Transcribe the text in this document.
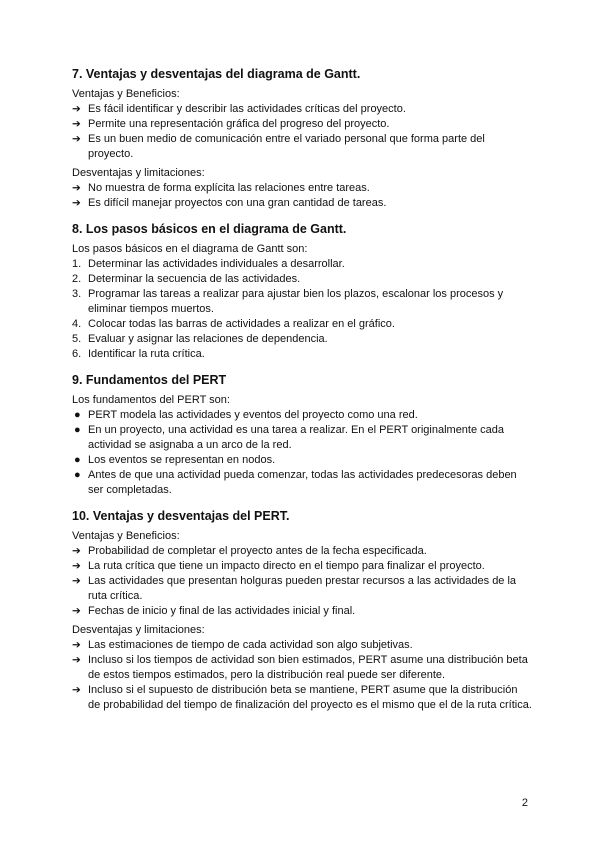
7. Ventajas y desventajas del diagrama de Gantt.

Ventajas y Beneficios:

➔ Es fácil identificar y describir las actividades críticas del proyecto.
➔ Permite una representación gráfica del progreso del proyecto.
➔ Es un buen medio de comunicación entre el variado personal que forma parte del proyecto.

Desventajas y limitaciones:

➔ No muestra de forma explícita las relaciones entre tareas.
➔ Es difícil manejar proyectos con una gran cantidad de tareas.
8. Los pasos básicos en el diagrama de Gantt.

Los pasos básicos en el diagrama de Gantt son:

1. Determinar las actividades individuales a desarrollar.
2. Determinar la secuencia de las actividades.
3. Programar las tareas a realizar para ajustar bien los plazos, escalonar los procesos y eliminar tiempos muertos.
4. Colocar todas las barras de actividades a realizar en el gráfico.
5. Evaluar y asignar las relaciones de dependencia.
6. Identificar la ruta crítica.
9. Fundamentos del PERT

Los fundamentos del PERT son:

● PERT modela las actividades y eventos del proyecto como una red.
● En un proyecto, una actividad es una tarea a realizar. En el PERT originalmente cada actividad se asignaba a un arco de la red.
● Los eventos se representan en nodos.
● Antes de que una actividad pueda comenzar, todas las actividades predecesoras deben ser completadas.
10. Ventajas y desventajas del PERT.

Ventajas y Beneficios:

➔ Probabilidad de completar el proyecto antes de la fecha especificada.
➔ La ruta crítica que tiene un impacto directo en el tiempo para finalizar el proyecto.
➔ Las actividades que presentan holguras pueden prestar recursos a las actividades de la ruta crítica.
➔ Fechas de inicio y final de las actividades inicial y final.

Desventajas y limitaciones:

➔ Las estimaciones de tiempo de cada actividad son algo subjetivas.
➔ Incluso si los tiempos de actividad son bien estimados, PERT asume una distribución beta de estos tiempos estimados, pero la distribución real puede ser diferente.
➔ Incluso si el supuesto de distribución beta se mantiene, PERT asume que la distribución de probabilidad del tiempo de finalización del proyecto es el mismo que el de la ruta crítica.
2
